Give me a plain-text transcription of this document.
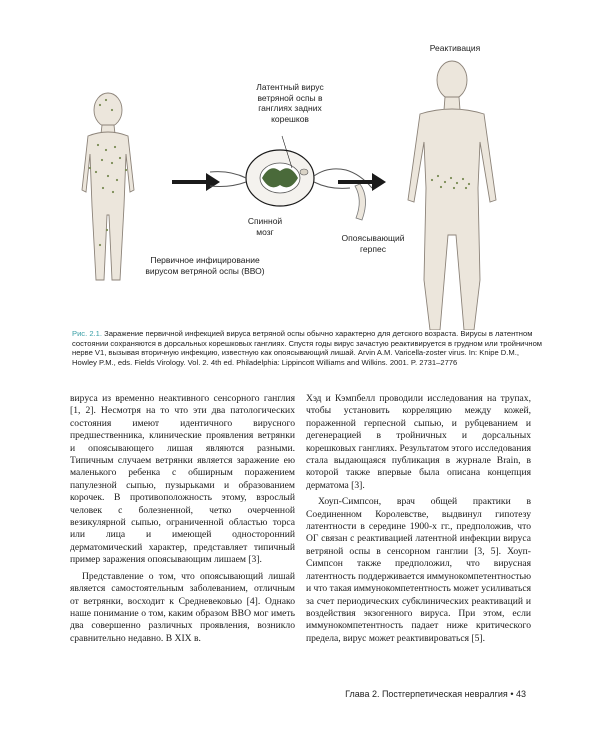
Реактивация
Латентный вирус ветряной оспы в ганглиях задних корешков
Спинной мозг
Опоясывающий герпес
Первичное инфицирование вирусом ветряной оспы (ВВО)
Рис. 2.1. Заражение первичной инфекцией вируса ветряной оспы обычно характерно для детского возраста. Вирусы в латентном состоянии сохраняются в дорсальных корешковых ганглиях. Спустя годы вирус зачастую реактивируется в грудном или тройничном нерве V1, вызывая вторичную инфекцию, известную как опоясывающий лишай. Arvin A.M. Varicella-zoster virus. In: Knipe D.M., Howley P.M., eds. Fields Virology. Vol. 2. 4th ed. Philadelphia: Lippincott Williams and Wilkins. 2001. P. 2731–2776

вируса из временно неактивного сенсорного ганглия [1, 2]. Несмотря на то что эти два патологических состояния имеют идентичного вирусного предшественника, клинические проявления ветрянки и опоясывающего лишая являются разными. Типичным случаем ветрянки является заражение ею маленького ребенка с обширным поражением папулезной сыпью, пузырьками и образованием корочек. В противоположность этому, взрослый человек с болезненной, четко очерченной везикулярной сыпью, ограниченной областью торса или лица и имеющей односторонний дерматомический характер, представляет типичный пример заражения опоясывающим лишаем [3].

Представление о том, что опоясывающий лишай является самостоятельным заболеванием, отличным от ветрянки, восходит к Средневековью [4]. Однако наше понимание о том, каким образом ВВО мог иметь два совершенно различных проявления, возникло сравнительно недавно. В XIX в.

Хэд и Кэмпбелл проводили исследования на трупах, чтобы установить корреляцию между кожей, пораженной герпесной сыпью, и рубцеванием и дегенерацией в тройничных и дорсальных корешковых ганглиях. Результатом этого исследования стала выдающаяся публикация в журнале Brain, в которой также впервые была описана концепция дерматома [3].

Хоуп-Симпсон, врач общей практики в Соединенном Королевстве, выдвинул гипотезу латентности в середине 1900-х гг., предположив, что ОГ связан с реактивацией латентной инфекции вируса ветряной оспы в сенсорном ганглии [3, 5]. Хоуп-Симпсон также предположил, что вирусная латентность поддерживается иммунокомпетентностью и что такая иммунокомпетентность может усиливаться за счет периодических субклинических реактиваций и воздействия экзогенного вируса. При этом, если иммунокомпетентность падает ниже критического предела, вирус может реактивироваться [5].

Глава 2. Постгерпетическая невралгия • 43
